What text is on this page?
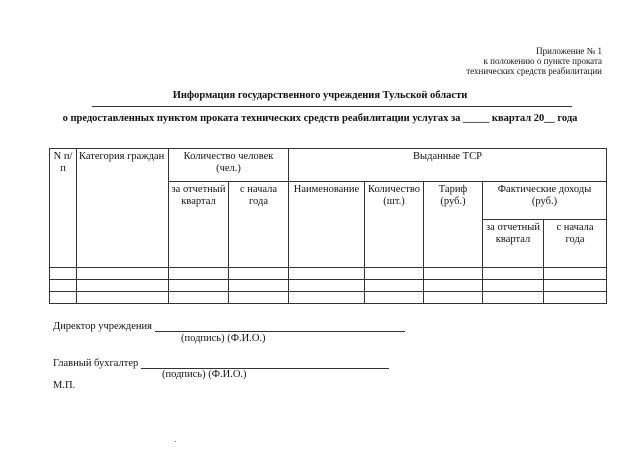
Приложение № 1
к положению о пункте проката
технических средств реабилитации
Информация государственного учреждения Тульской области
о предоставленных пунктом проката технических средств реабилитации услугах за _____ квартал 20__ года
N п/п	Категория граждан	Количество человек (чел.)		Выданные ТСР				
		за отчетный квартал	с начала года	Наименование	Количество (шт.)	Тариф (руб.)	Фактические доходы (руб.)	
							за отчетный квартал	с начала года

Директор учреждения
(подпись) (Ф.И.О.)
Главный бухгалтер
(подпись) (Ф.И.О.)
М.П.
